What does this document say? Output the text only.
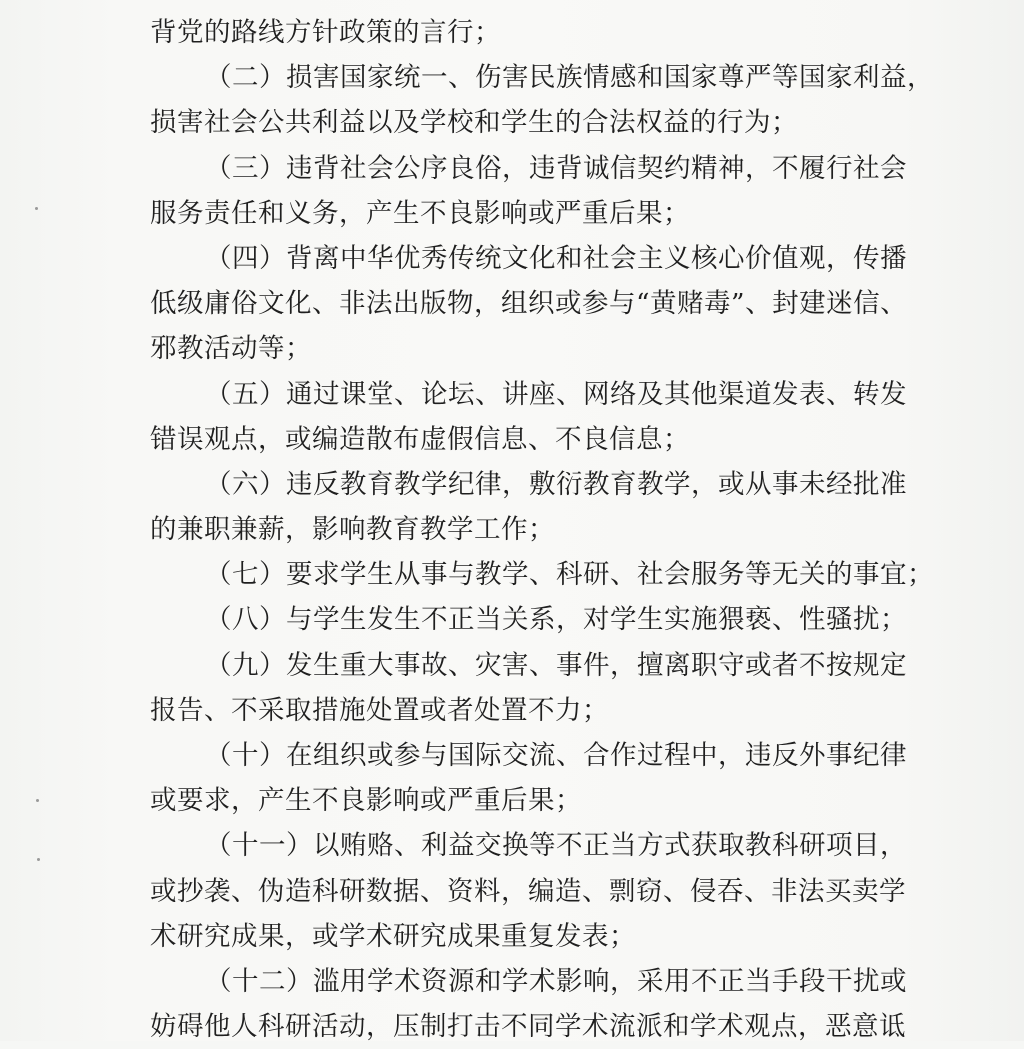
背党的路线方针政策的言行；
（二）损害国家统一、伤害民族情感和国家尊严等国家利益，
损害社会公共利益以及学校和学生的合法权益的行为；
（三）违背社会公序良俗，违背诚信契约精神，不履行社会
服务责任和义务，产生不良影响或严重后果；
（四）背离中华优秀传统文化和社会主义核心价值观，传播
低级庸俗文化、非法出版物，组织或参与“黄赌毒”、封建迷信、
邪教活动等；
（五）通过课堂、论坛、讲座、网络及其他渠道发表、转发
错误观点，或编造散布虚假信息、不良信息；
（六）违反教育教学纪律，敷衍教育教学，或从事未经批准
的兼职兼薪，影响教育教学工作；
（七）要求学生从事与教学、科研、社会服务等无关的事宜；
（八）与学生发生不正当关系，对学生实施猥亵、性骚扰；
（九）发生重大事故、灾害、事件，擅离职守或者不按规定
报告、不采取措施处置或者处置不力；
（十）在组织或参与国际交流、合作过程中，违反外事纪律
或要求，产生不良影响或严重后果；
（十一）以贿赂、利益交换等不正当方式获取教科研项目，
或抄袭、伪造科研数据、资料，编造、剽窃、侵吞、非法买卖学
术研究成果，或学术研究成果重复发表；
（十二）滥用学术资源和学术影响，采用不正当手段干扰或
妨碍他人科研活动，压制打击不同学术流派和学术观点，恶意诋
